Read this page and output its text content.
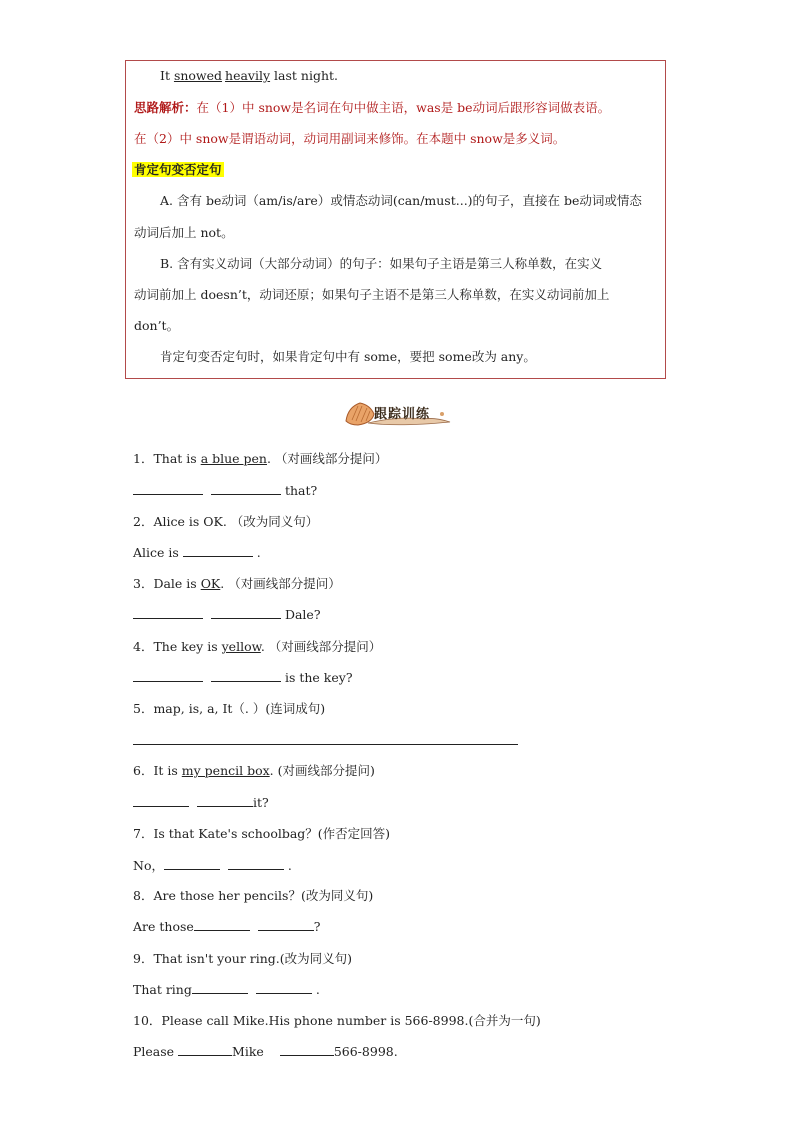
It snowed heavily last night.
思路解析：在（1）中 snow是名词在句中做主语，was是 be动词后跟形容词做表语。
在（2）中 snow是谓语动词，动词用副词来修饰。在本题中 snow是多义词。
肯定句变否定句
A. 含有 be动词（am/is/are）或情态动词(can/must...)的句子，直接在 be动词或情态
动词后加上 not。
B. 含有实义动词（大部分动词）的句子：如果句子主语是第三人称单数，在实义
动词前加上 doesn’t，动词还原；如果句子主语不是第三人称单数，在实义动词前加上
don’t。
肯定句变否定句时，如果肯定句中有 some，要把 some改为 any。
跟踪训练
1．That is a blue pen. （对画线部分提问）
that?
2．Alice is OK. （改为同义句）
Alice is	.
3．Dale is OK. （对画线部分提问）
Dale?
4．The key is yellow. （对画线部分提问）
is the key?
5．map, is, a, It（. ）(连词成句)
6．It is my pencil box. (对画线部分提问)
it?
7．Is that Kate's schoolbag？(作否定回答)
No，	.
8．Are those her pencils？(改为同义句)
Are those	?
9．That isn't your ring.(改为同义句)
That ring	.
10．Please call Mike.His phone number is 566-8998.(合并为一句)
Please	Mike	566-8998.
